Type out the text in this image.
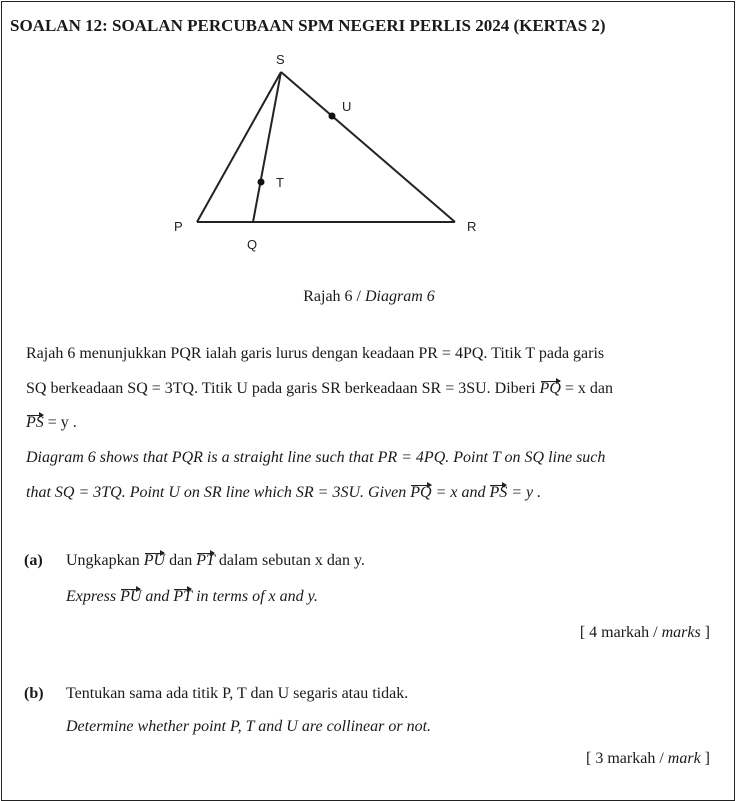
SOALAN 12: SOALAN PERCUBAAN SPM NEGERI PERLIS 2024 (KERTAS 2)
S
U
T
P	R
Q
Rajah 6 / Diagram 6
Rajah 6 menunjukkan PQR ialah garis lurus dengan keadaan PR = 4PQ. Titik T pada garis
SQ berkeadaan SQ = 3TQ. Titik U pada garis SR berkeadaan SR = 3SU. Diberi PQ = x dan
PS = y .
Diagram 6 shows that PQR is a straight line such that PR = 4PQ. Point T on SQ line such
that SQ = 3TQ. Point U on SR line which SR = 3SU. Given PQ = x and PS = y .
(a) Ungkapkan PU dan PT dalam sebutan x dan y.
Express PU and PT in terms of x and y.
[ 4 markah / marks ]
(b) Tentukan sama ada titik P, T dan U segaris atau tidak.
Determine whether point P, T and U are collinear or not.
[ 3 markah / mark ]
